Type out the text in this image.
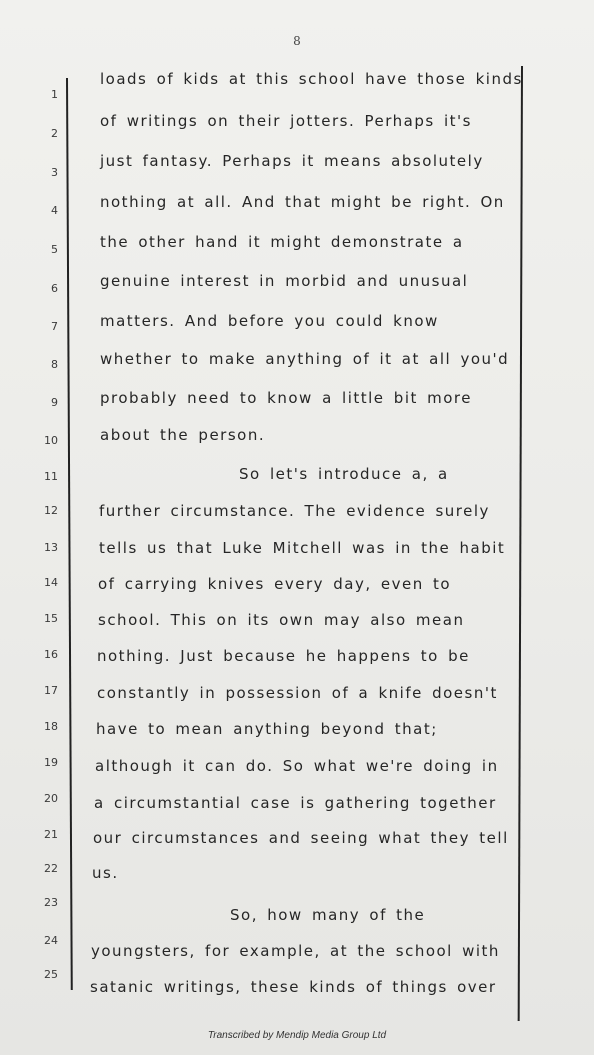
8
1
2
3
4
5
6
7
8
9
10
11
12
13
14
15
16
17
18
19
20
21
22
23
24
25
loads of kids at this school have those kinds
of writings on their jotters. Perhaps it's
just fantasy. Perhaps it means absolutely
nothing at all. And that might be right. On
the other hand it might demonstrate a
genuine interest in morbid and unusual
matters. And before you could know
whether to make anything of it at all you'd
probably need to know a little bit more
about the person.
So let's introduce a, a
further circumstance. The evidence surely
tells us that Luke Mitchell was in the habit
of carrying knives every day, even to
school. This on its own may also mean
nothing. Just because he happens to be
constantly in possession of a knife doesn't
have to mean anything beyond that;
although it can do. So what we're doing in
a circumstantial case is gathering together
our circumstances and seeing what they tell
us.
So, how many of the
youngsters, for example, at the school with
satanic writings, these kinds of things over
Transcribed by Mendip Media Group Ltd
